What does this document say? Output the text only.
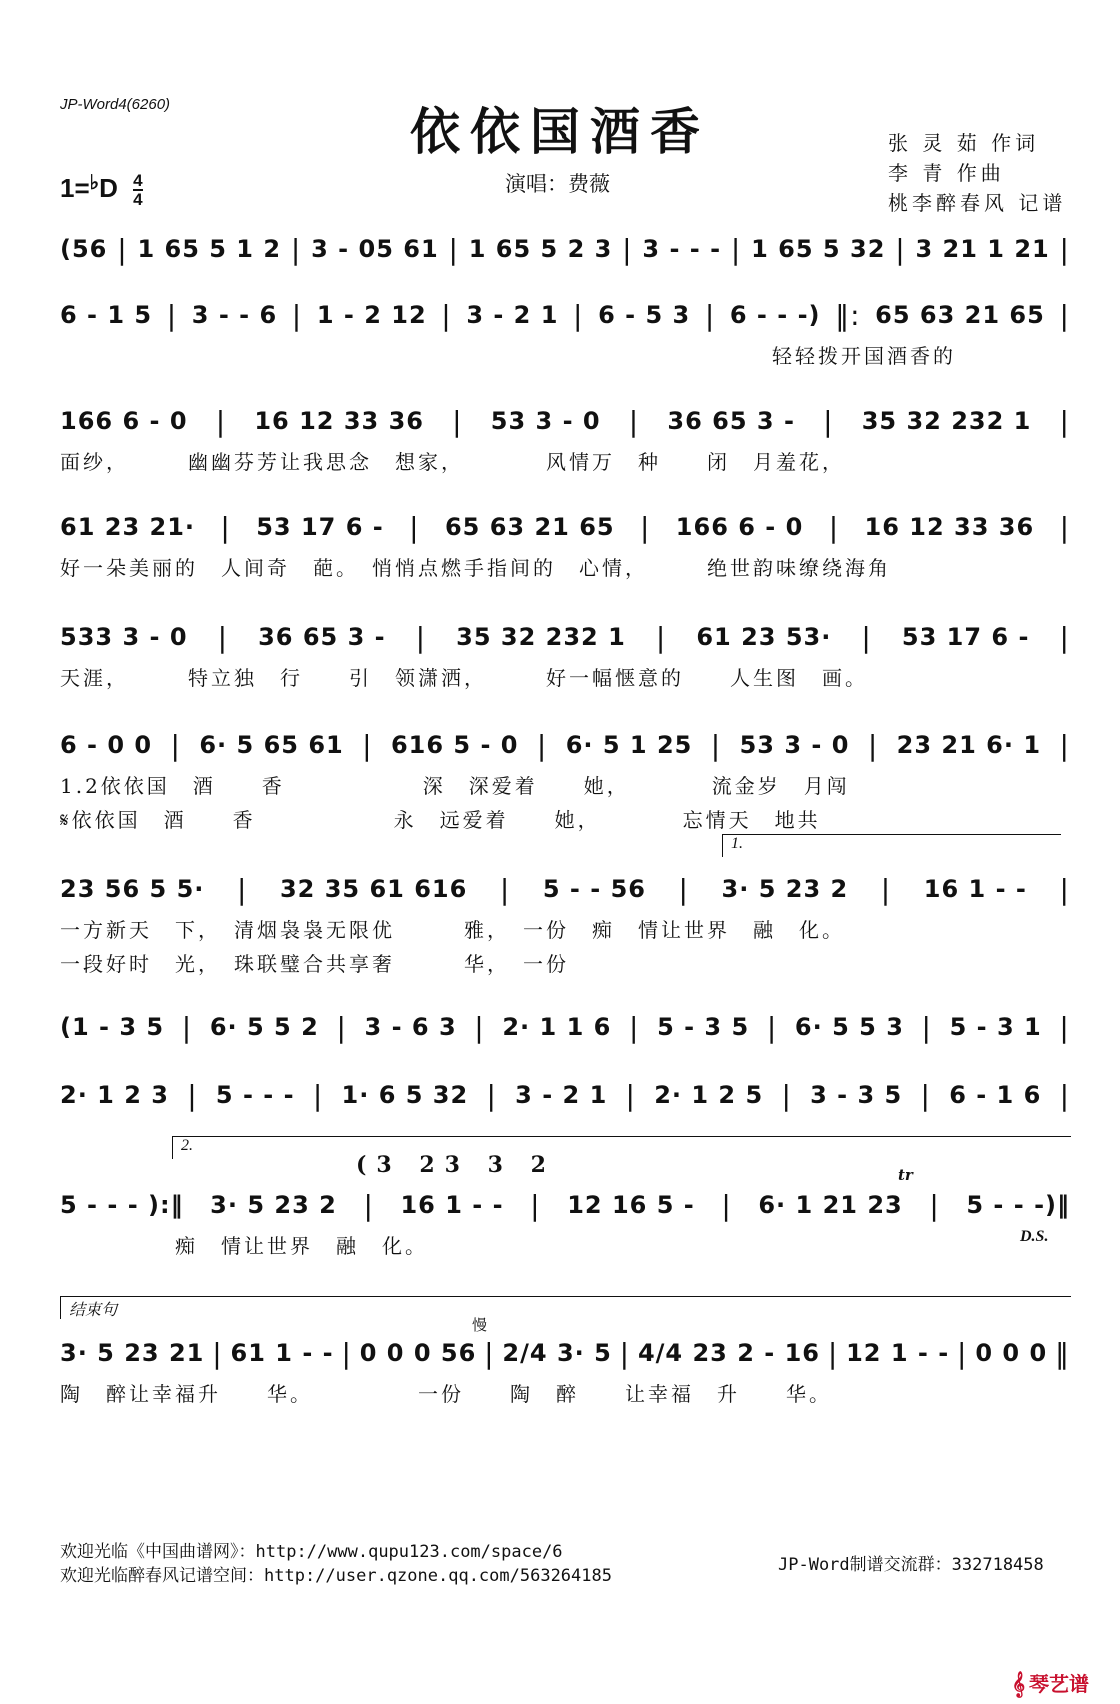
JP-Word4(6260)	依依国酒香
$1=^♭D \frac{4}{4}$	演唱：费薇
张 灵 茹 作词
李 青 作曲
桃李醉春风 记谱
(56 | 1 65 5 1 2 | 3 - 05 61 | 1 65 5 2 3 | 3 - - - | 1 65 5 32 | 3 21 1 21 |
6 - 1 5 | 3 - - 6 | 1 - 2 12 | 3 - 2 1 | 6 - 5 3 | 6 - - -) ‖: 65 63 21 65 |
轻轻拨开国酒香的
166 6 - 0 | 16 12 33 36 | 53 3 - 0 | 36 65 3 - | 35 32 232 1 |
面纱，　　　幽幽芬芳让我思念　想家，　　　　风情万　种　　闭　月羞花，
61 23 21· | 53 17 6 - | 65 63 21 65 | 166 6 - 0 | 16 12 33 36 |
好一朵美丽的　人间奇　葩。　悄悄点燃手指间的　心情，　　　绝世韵味缭绕海角
533 3 - 0 | 36 65 3 - | 35 32 232 1 | 61 23 53· | 53 17 6 - |
天涯，　　　特立独　行　　引　领潇洒，　　　好一幅惬意的　　人生图　画。
6 - 0 0 | 6· 5 65 61 | 616 5 - 0 | 6· 5 1 25 | 53 3 - 0 | 23 21 6· 1 |
1.2依依国　酒　　香　　　　　　深　深爱着　　她，　　　　流金岁　月闯
𝄋依依国　酒　　香　　　　　　永　远爱着　　她，　　　　忘情天　地共
1.
23 56 5 5· | 32 35 61 616 | 5 - - 56 | 3· 5 23 2 | 16 1 - - |
一方新天　下，　清烟袅袅无限优　　　雅，　一份　痴　情让世界　融　化。
一段好时　光，　珠联璧合共享奢　　　华，　一份
(1 - 3 5 | 6· 5 5 2 | 3 - 6 3 | 2· 1 1 6 | 5 - 3 5 | 6· 5 5 3 | 5 - 3 1 |
2· 1 2 3 | 5 - - - | 1· 6 5 32 | 3 - 2 1 | 2· 1 2 5 | 3 - 3 5 | 6 - 1 6 |
2.
(3 23 3 2	tr
D.S.
5 - - - ):‖ 3· 5 23 2 | 16 1 - - | 12 16 5 - | 6· 1 21 23 | 5 - - -)‖
　　　　　痴　情让世界　融　化。
结束句
慢
3· 5 23 21 | 61 1 - - | 0 0 0 56 | 2/4 3· 5 | 4/4 23 2 - 16 | 12 1 - - | 0 0 0 ‖
陶　醉让幸福升　　华。　　　　　一份　　陶　醉　　让幸福　升　　华。
欢迎光临《中国曲谱网》：http://www.qupu123.com/space/6
欢迎光临醉春风记谱空间：http://user.qzone.qq.com/563264185
JP-Word制谱交流群：332718458
𝄞 琴艺谱
